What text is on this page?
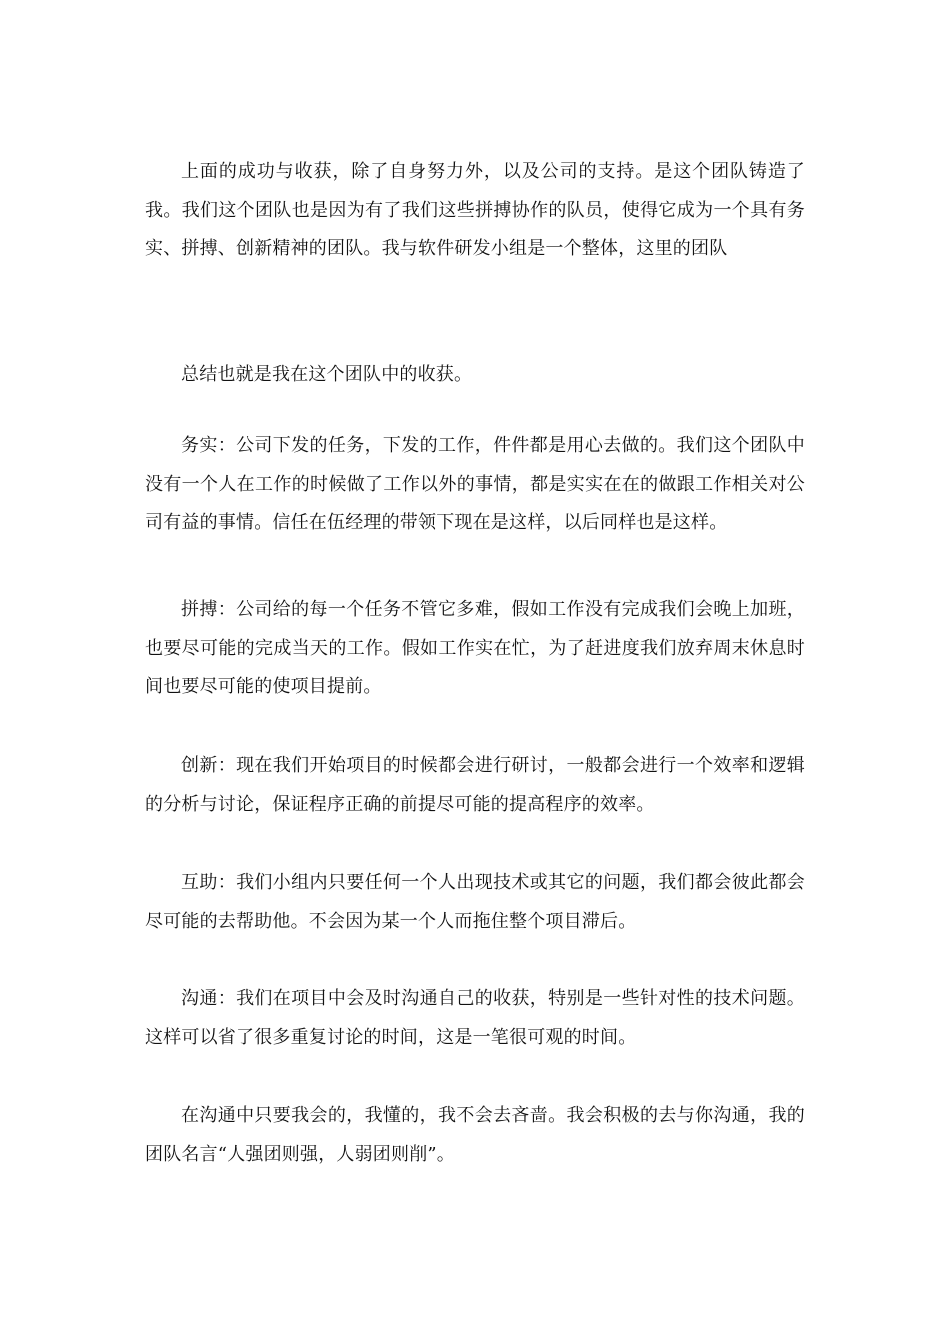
上面的成功与收获，除了自身努力外，以及公司的支持。是这个团队铸造了我。我们这个团队也是因为有了我们这些拼搏协作的队员，使得它成为一个具有务实、拼搏、创新精神的团队。我与软件研发小组是一个整体，这里的团队

总结也就是我在这个团队中的收获。

务实：公司下发的任务，下发的工作，件件都是用心去做的。我们这个团队中没有一个人在工作的时候做了工作以外的事情，都是实实在在的做跟工作相关对公司有益的事情。信任在伍经理的带领下现在是这样，以后同样也是这样。

拼搏：公司给的每一个任务不管它多难，假如工作没有完成我们会晚上加班，也要尽可能的完成当天的工作。假如工作实在忙，为了赶进度我们放弃周末休息时间也要尽可能的使项目提前。

创新：现在我们开始项目的时候都会进行研讨，一般都会进行一个效率和逻辑的分析与讨论，保证程序正确的前提尽可能的提高程序的效率。

互助：我们小组内只要任何一个人出现技术或其它的问题，我们都会彼此都会尽可能的去帮助他。不会因为某一个人而拖住整个项目滞后。

沟通：我们在项目中会及时沟通自己的收获，特别是一些针对性的技术问题。这样可以省了很多重复讨论的时间，这是一笔很可观的时间。

在沟通中只要我会的，我懂的，我不会去吝啬。我会积极的去与你沟通，我的团队名言“人强团则强，人弱团则削”。
